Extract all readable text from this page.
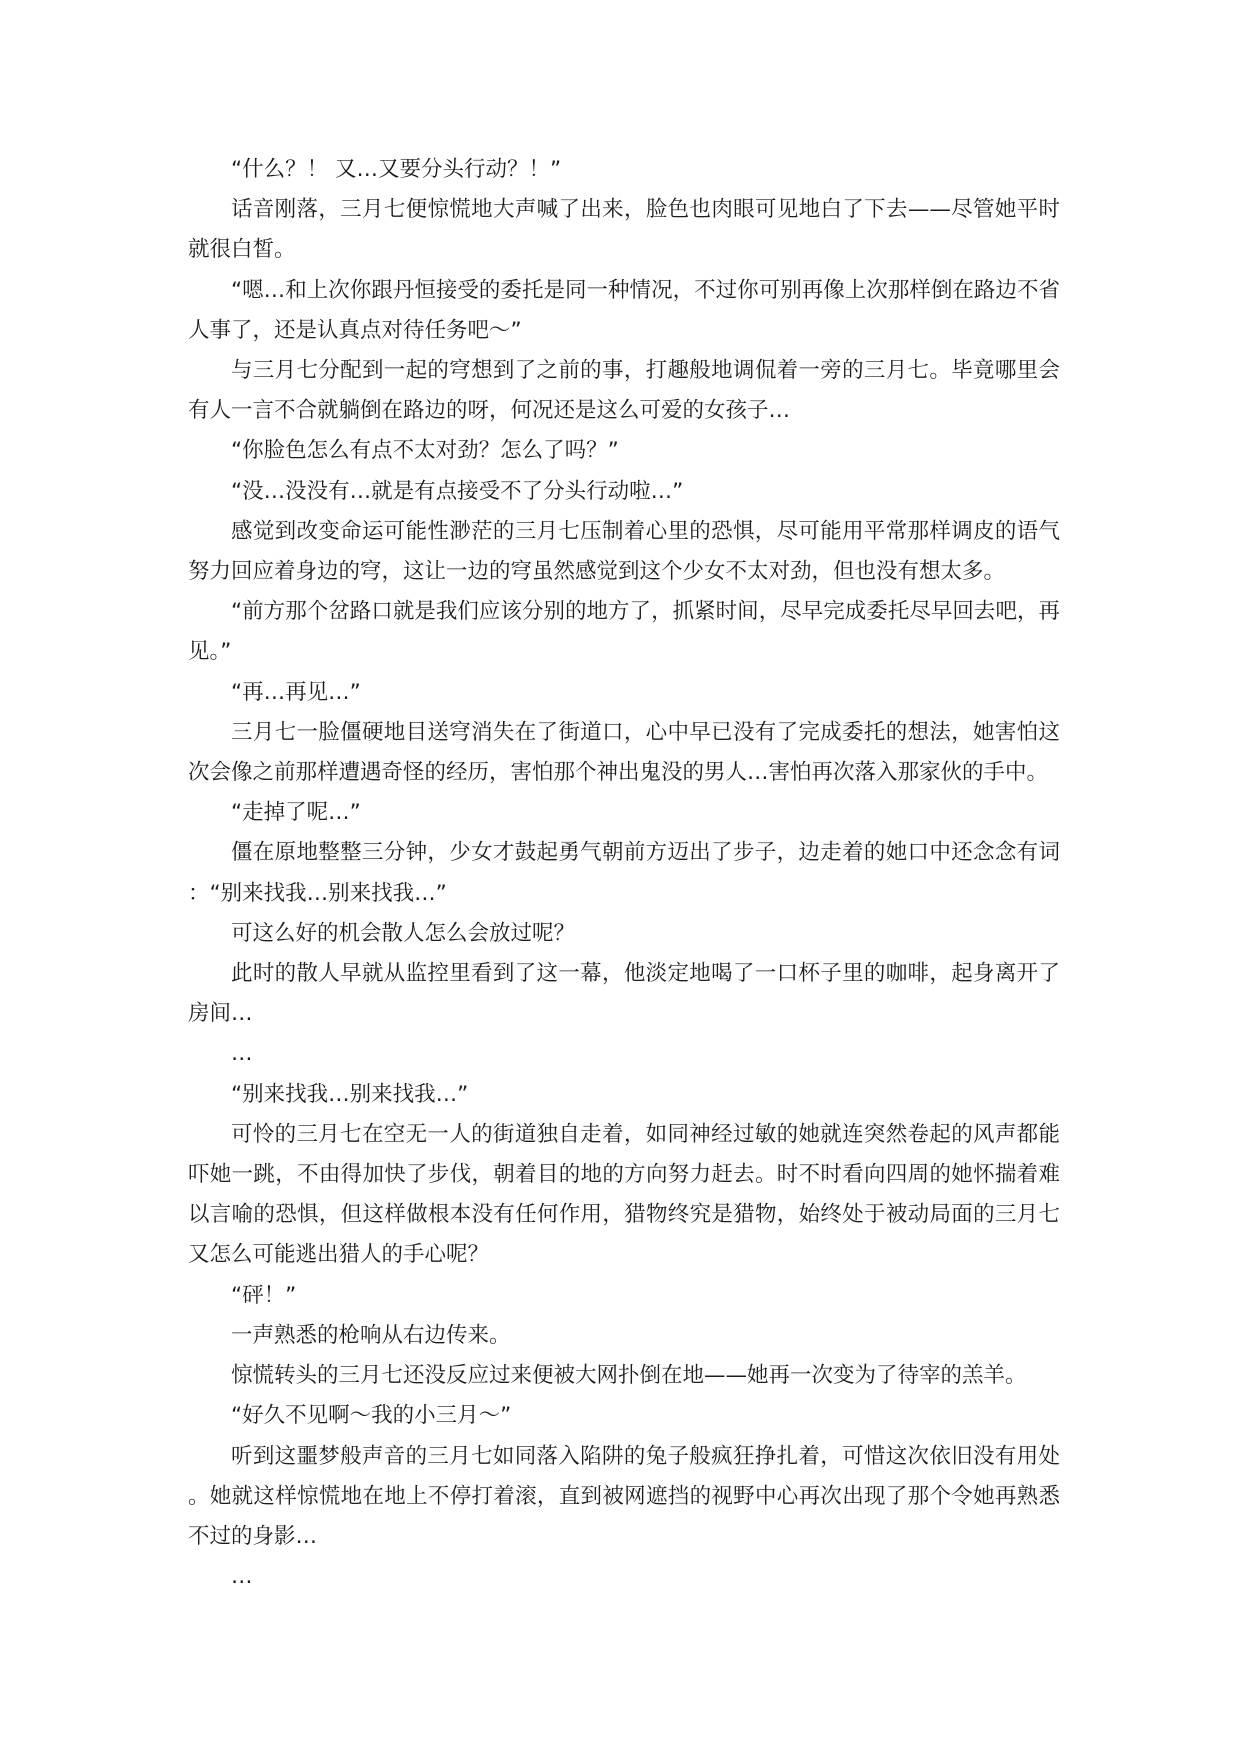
“什么？！ 又…又要分头行动？！”

话音刚落，三月七便惊慌地大声喊了出来，脸色也肉眼可见地白了下去——尽管她平时就很白皙。

“嗯…和上次你跟丹恒接受的委托是同一种情况，不过你可别再像上次那样倒在路边不省人事了，还是认真点对待任务吧～”

与三月七分配到一起的穹想到了之前的事，打趣般地调侃着一旁的三月七。毕竟哪里会有人一言不合就躺倒在路边的呀，何况还是这么可爱的女孩子…

“你脸色怎么有点不太对劲？怎么了吗？”

“没…没没有…就是有点接受不了分头行动啦…”

感觉到改变命运可能性渺茫的三月七压制着心里的恐惧，尽可能用平常那样调皮的语气努力回应着身边的穹，这让一边的穹虽然感觉到这个少女不太对劲，但也没有想太多。

“前方那个岔路口就是我们应该分别的地方了，抓紧时间，尽早完成委托尽早回去吧，再见。”

“再…再见…”

三月七一脸僵硬地目送穹消失在了街道口，心中早已没有了完成委托的想法，她害怕这次会像之前那样遭遇奇怪的经历，害怕那个神出鬼没的男人…害怕再次落入那家伙的手中。

“走掉了呢…”

僵在原地整整三分钟，少女才鼓起勇气朝前方迈出了步子，边走着的她口中还念念有词：“别来找我…别来找我…”

可这么好的机会散人怎么会放过呢？

此时的散人早就从监控里看到了这一幕，他淡定地喝了一口杯子里的咖啡，起身离开了房间…

…

“别来找我…别来找我…”

可怜的三月七在空无一人的街道独自走着，如同神经过敏的她就连突然卷起的风声都能吓她一跳，不由得加快了步伐，朝着目的地的方向努力赶去。时不时看向四周的她怀揣着难以言喻的恐惧，但这样做根本没有任何作用，猎物终究是猎物，始终处于被动局面的三月七又怎么可能逃出猎人的手心呢？

“砰！”

一声熟悉的枪响从右边传来。

惊慌转头的三月七还没反应过来便被大网扑倒在地——她再一次变为了待宰的羔羊。

“好久不见啊～我的小三月～”

听到这噩梦般声音的三月七如同落入陷阱的兔子般疯狂挣扎着，可惜这次依旧没有用处。她就这样惊慌地在地上不停打着滚，直到被网遮挡的视野中心再次出现了那个令她再熟悉不过的身影…

…
